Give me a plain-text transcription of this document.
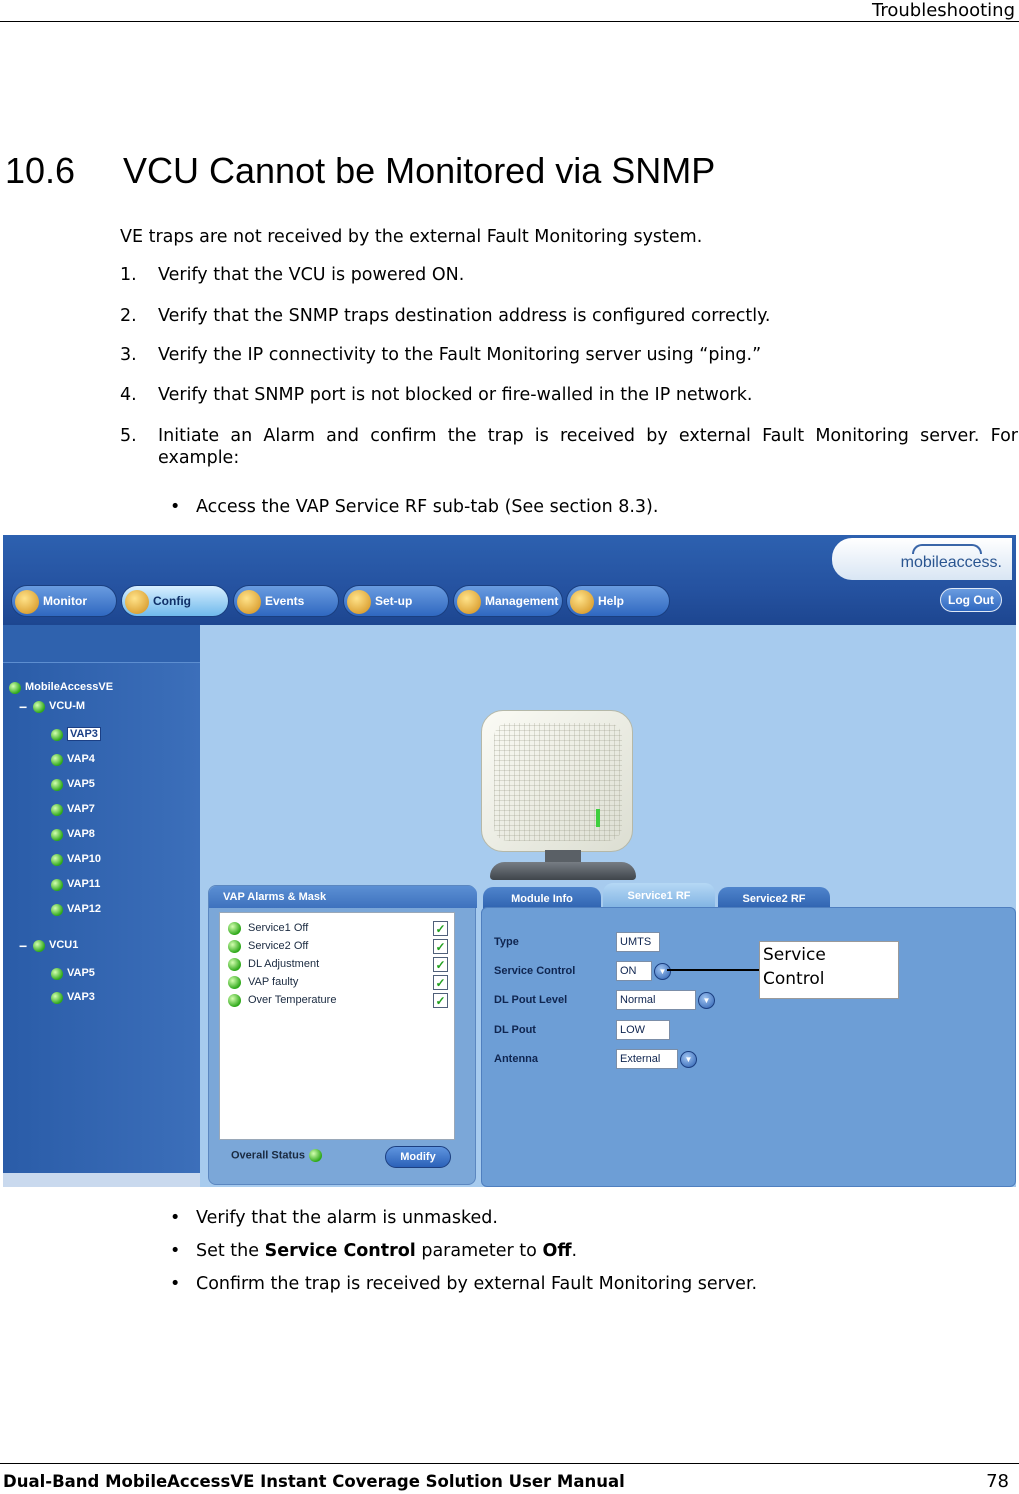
Troubleshooting
10.6 VCU Cannot be Monitored via SNMP

VE traps are not received by the external Fault Monitoring system.

1. Verify that the VCU is powered ON.
2. Verify that the SNMP traps destination address is configured correctly.
3. Verify the IP connectivity to the Fault Monitoring server using “ping.”
4. Verify that SNMP port is not blocked or fire-walled in the IP network.
5. Initiate an Alarm and confirm the trap is received by external Fault Monitoring server. For example:
• Access the VAP Service RF sub-tab (See section 8.3).
mobileaccess.
Monitor	Config	Events	Set-up	Management	Help	Log Out
MobileAccessVE
− VCU-M
VAP3
VAP4
VAP5
VAP7
VAP8
VAP10
VAP11
VAP12
− VCU1
VAP5
VAP3
VAP Alarms & Mask
Service1 Off	✓
Service2 Off	✓
DL Adjustment	✓
VAP faulty	✓
Over Temperature	✓
Overall Status	Modify
Module Info	Service1 RF	Service2 RF
Type	UMTS
Service Control	ON	▼
DL Pout Level	Normal	▼
DL Pout	LOW
Antenna	External	▼
Service
Control
• Verify that the alarm is unmasked.
• Set the Service Control parameter to Off.
• Confirm the trap is received by external Fault Monitoring server.
Dual-Band MobileAccessVE Instant Coverage Solution User Manual	78
